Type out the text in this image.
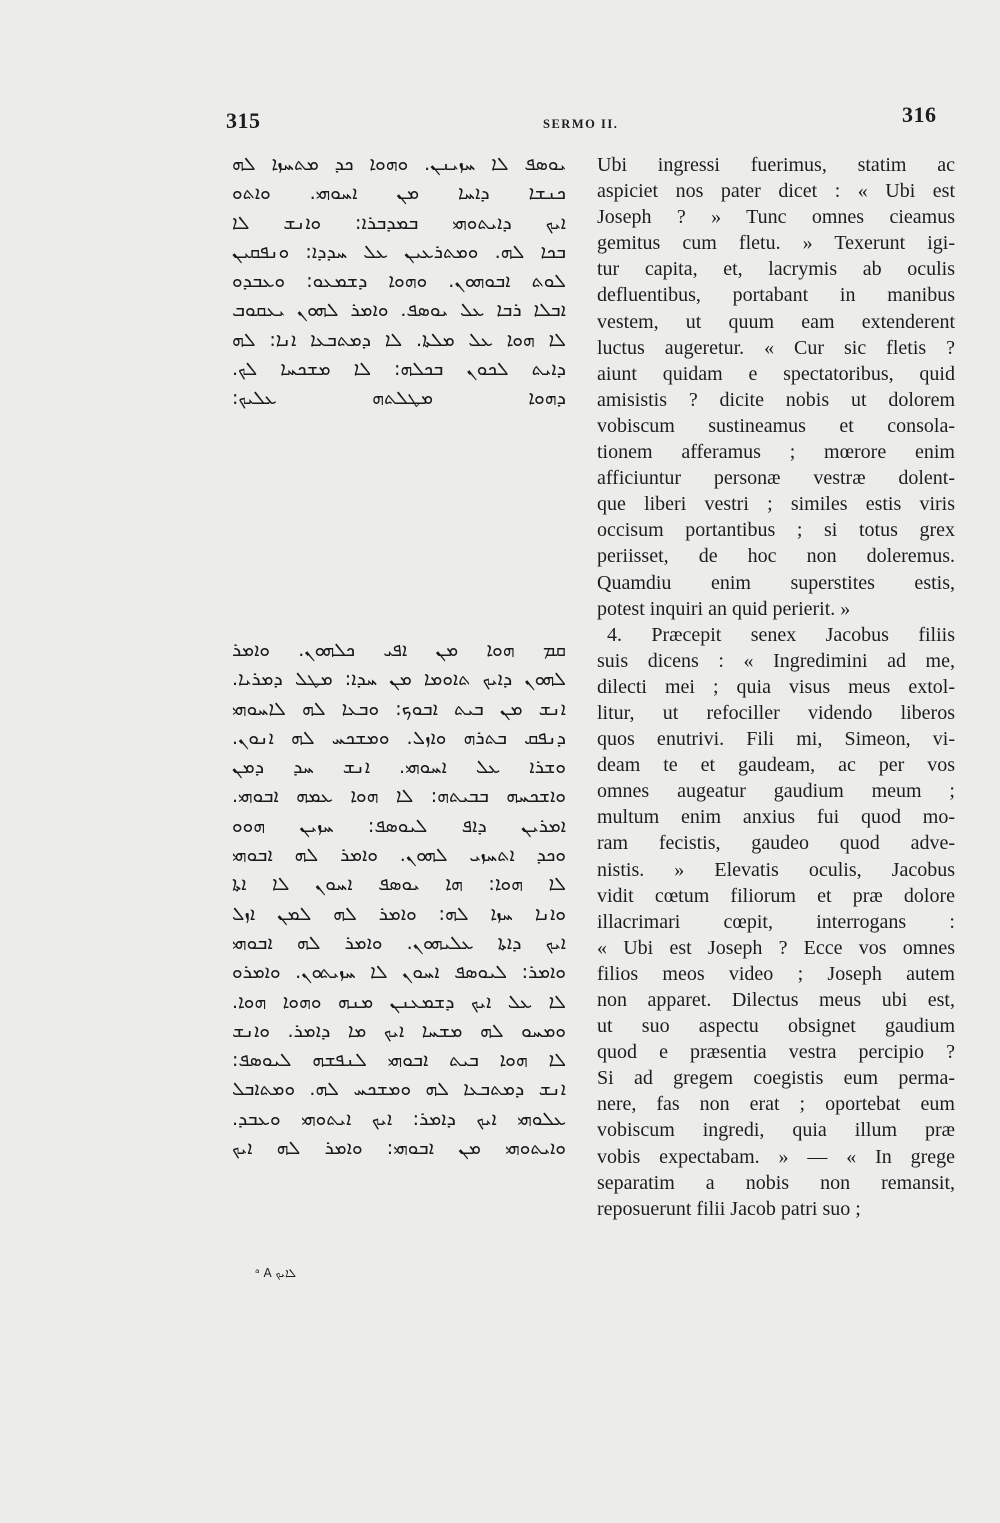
315	SERMO II.	316
ܝܘܣܦ ܠܐ ܚܙܝܢܢ. ܘܗܘܐ ܟܕ ܡܬܚܙܐ ܠܗ
ܟܢܫܐ ܕܐܚܐ ܡܢ ܐܚܘܗܝ. ܘܐܬܘ
ܐܝܟ ܕܐܝܬܘܗܝ ܒܡܕܒܪܐ: ܘܐܢܫ ܠܐ
ܒܟܐ ܠܗ. ܘܡܬܪܥܝܢ ܥܠ ܚܕܕܐ: ܘܢܦܩܝܢ
ܠܘܬ ܐܒܘܗܘܢ. ܘܗܘܐ ܕܫܡܥܘ: ܘܥܒܕܘ
ܐܒܠܐ ܪܒܐ ܥܠ ܝܘܣܦ. ܘܐܡܪ ܠܗܘܢ ܝܥܩܘܒ
ܠܐ ܗܘܐ ܥܠ ܡܠܬܐ. ܠܐ ܕܡܬܒܥܐ ܐܢܐ: ܠܗ
ܕܐܝܬ ܠܟܘܢ ܒܟܠܗ: ܠܐ ܡܫܟܚܐ ܠܟ.
ܕܗܘܐ ܡܛܠܬܗ ܥܠܝܟ:
ܩܡ ܗܘܐ ܡܢ ܐܦܝ ܟܠܗܘܢ. ܘܐܡܪ
ܠܗܘܢ ܕܐܝܟ ܬܐܘܡܐ ܡܢ ܚܕܐ: ܡܛܠ ܕܡܪܝܐ.
ܐܢܫ ܡܢ ܒܝܬ ܐܒܘܟ: ܘܒܥܐ ܠܗ ܠܐܚܘܗܝ
ܕܢܦܩ ܒܬܪܗ ܘܐܙܠ. ܘܡܫܟܚ ܠܗ ܐܢܘܢ.
ܘܫܪܐ ܥܠ ܐܚܘܗܝ. ܐܢܫ ܚܕ ܕܡܢ
ܘܐܫܟܚܗ ܒܒܝܬܗ: ܠܐ ܗܘܐ ܥܡܗ ܐܒܘܗܝ.
ܐܡܪܝܢ ܕܐܦ ܠܝܘܣܦ: ܚܙܝܢ ܗܘܘ
ܘܟܕ ܐܬܚܙܝ ܠܗܘܢ. ܘܐܡܪ ܠܗ ܐܒܘܗܝ
ܠܐ ܗܘܐ: ܗܐ ܝܘܣܦ ܐܚܘܢ ܠܐ ܐܬܐ
ܘܐܢܐ ܚܙܐ ܠܗ: ܘܐܡܪ ܠܗ ܠܡܢ ܐܙܠ
ܐܝܟ ܕܐܬܐ ܥܠܝܗܘܢ. ܘܐܡܪ ܠܗ ܐܒܘܗܝ
ܘܐܡܪ: ܠܝܘܣܦ ܐܚܘܢ ܠܐ ܚܙܝܬܘܢ. ܘܐܡܪܘ
ܠܐ ܥܠ ܐܝܟ ܕܫܡܥܢܢ ܡܢܗ ܘܗܘܐ ܗܘܐ.
ܘܡܚܘ ܠܗ ܡܫܚܐ ܐܝܟ ܡܐ ܕܐܡܪ. ܘܐܢܫ
ܠܐ ܗܘܐ ܒܝܬ ܐܒܘܗܝ ܠܢܦܫܗ ܠܝܘܣܦ:
ܐܢܫ ܕܡܬܒܥܐ ܠܗ ܘܡܫܟܚ ܠܗ. ܘܡܬܐܒܠ
ܥܠܘܗܝ ܐܝܟ ܕܐܡܪ: ܐܝܟ ܐܝܬܘܗܝ ܘܥܒܕ.
ܘܐܝܬܘܗܝ ܡܢ ܐܒܘܗܝ: ܘܐܡܪ ܠܗ ܐܝܟ
ᵃ A ܠܐܝܟ
Ubi ingressi fuerimus, statim ac
aspiciet nos pater dicet : « Ubi est
Joseph ? » Tunc omnes cieamus
gemitus cum fletu. » Texerunt igi-
tur capita, et, lacrymis ab oculis
defluentibus, portabant in manibus
vestem, ut quum eam extenderent
luctus augeretur. « Cur sic fletis ?
aiunt quidam e spectatoribus, quid
amisistis ? dicite nobis ut dolorem
vobiscum sustineamus et consola-
tionem afferamus ; mœrore enim
afficiuntur personæ vestræ dolent-
que liberi vestri ; similes estis viris
occisum portantibus ; si totus grex
periisset, de hoc non doleremus.
Quamdiu enim superstites estis,
potest inquiri an quid perierit. »
4. Præcepit senex Jacobus filiis
suis dicens : « Ingredimini ad me,
dilecti mei ; quia visus meus extol-
litur, ut refociller videndo liberos
quos enutrivi. Fili mi, Simeon, vi-
deam te et gaudeam, ac per vos
omnes augeatur gaudium meum ;
multum enim anxius fui quod mo-
ram fecistis, gaudeo quod adve-
nistis. » Elevatis oculis, Jacobus
vidit cœtum filiorum et præ dolore
illacrimari cœpit, interrogans :
« Ubi est Joseph ? Ecce vos omnes
filios meos video ; Joseph autem
non apparet. Dilectus meus ubi est,
ut suo aspectu obsignet gaudium
quod e præsentia vestra percipio ?
Si ad gregem coegistis eum perma-
nere, fas non erat ; oportebat eum
vobiscum ingredi, quia illum præ
vobis expectabam. » — « In grege
separatim a nobis non remansit,
reposuerunt filii Jacob patri suo ;
